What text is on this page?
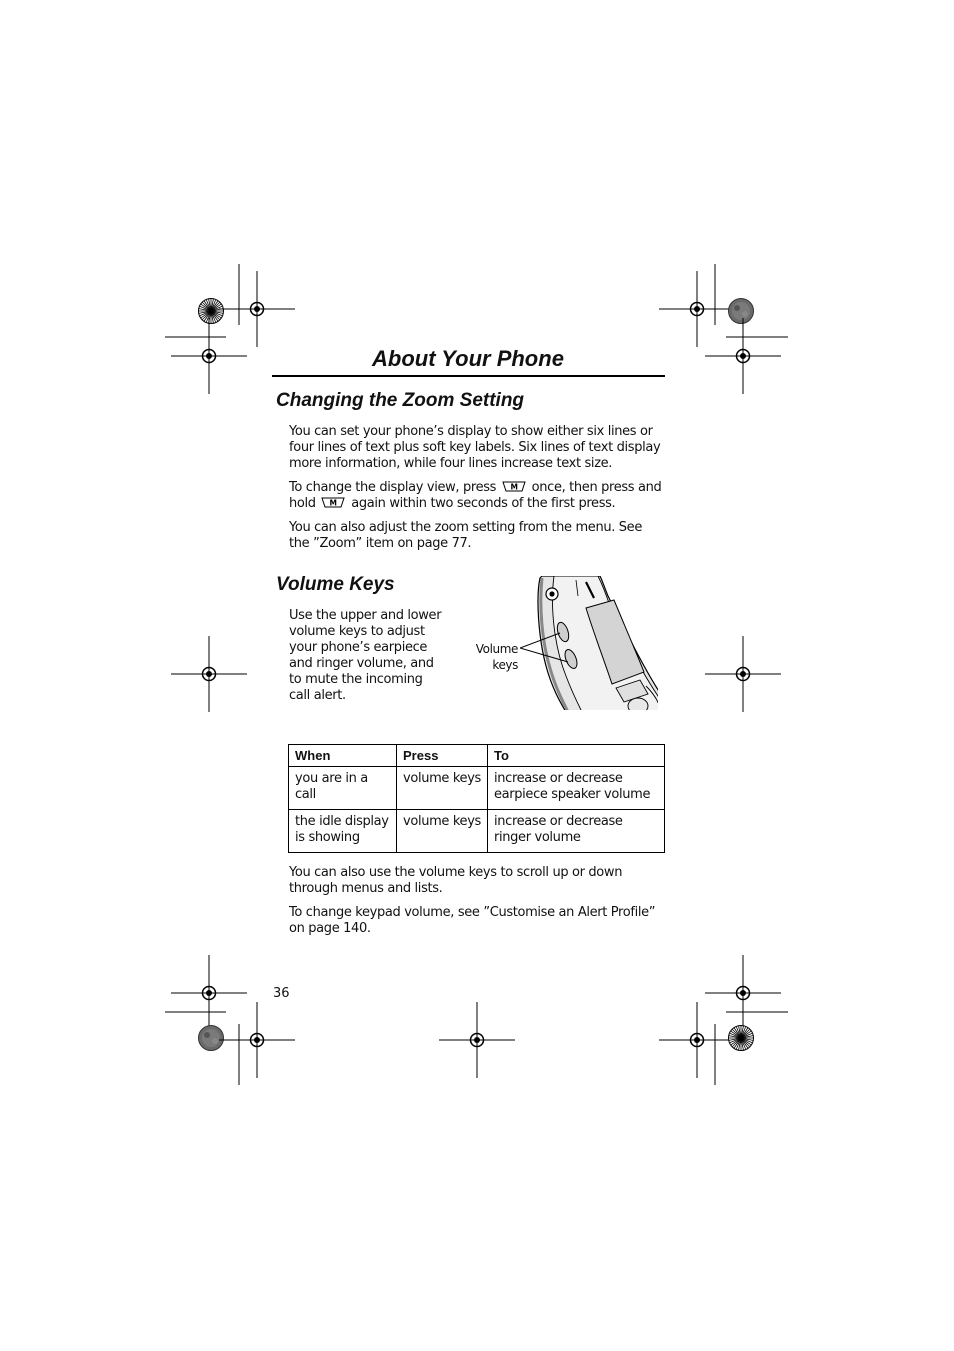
About Your Phone
Changing the Zoom Setting
You can set your phone’s display to show either six lines or four lines of text plus soft key labels. Six lines of text display more information, while four lines increase text size.
To change the display view, press M once, then press and hold M again within two seconds of the first press.
You can also adjust the zoom setting from the menu. See the ”Zoom” item on page 77.
Volume Keys
Use the upper and lower volume keys to adjust your phone’s earpiece and ringer volume, and to mute the incoming call alert.
Volume
keys
When	Press	To
you are in a call	volume keys	increase or decrease earpiece speaker volume
the idle display is showing	volume keys	increase or decrease ringer volume
You can also use the volume keys to scroll up or down through menus and lists.
To change keypad volume, see ”Customise an Alert Profile” on page 140.
36
